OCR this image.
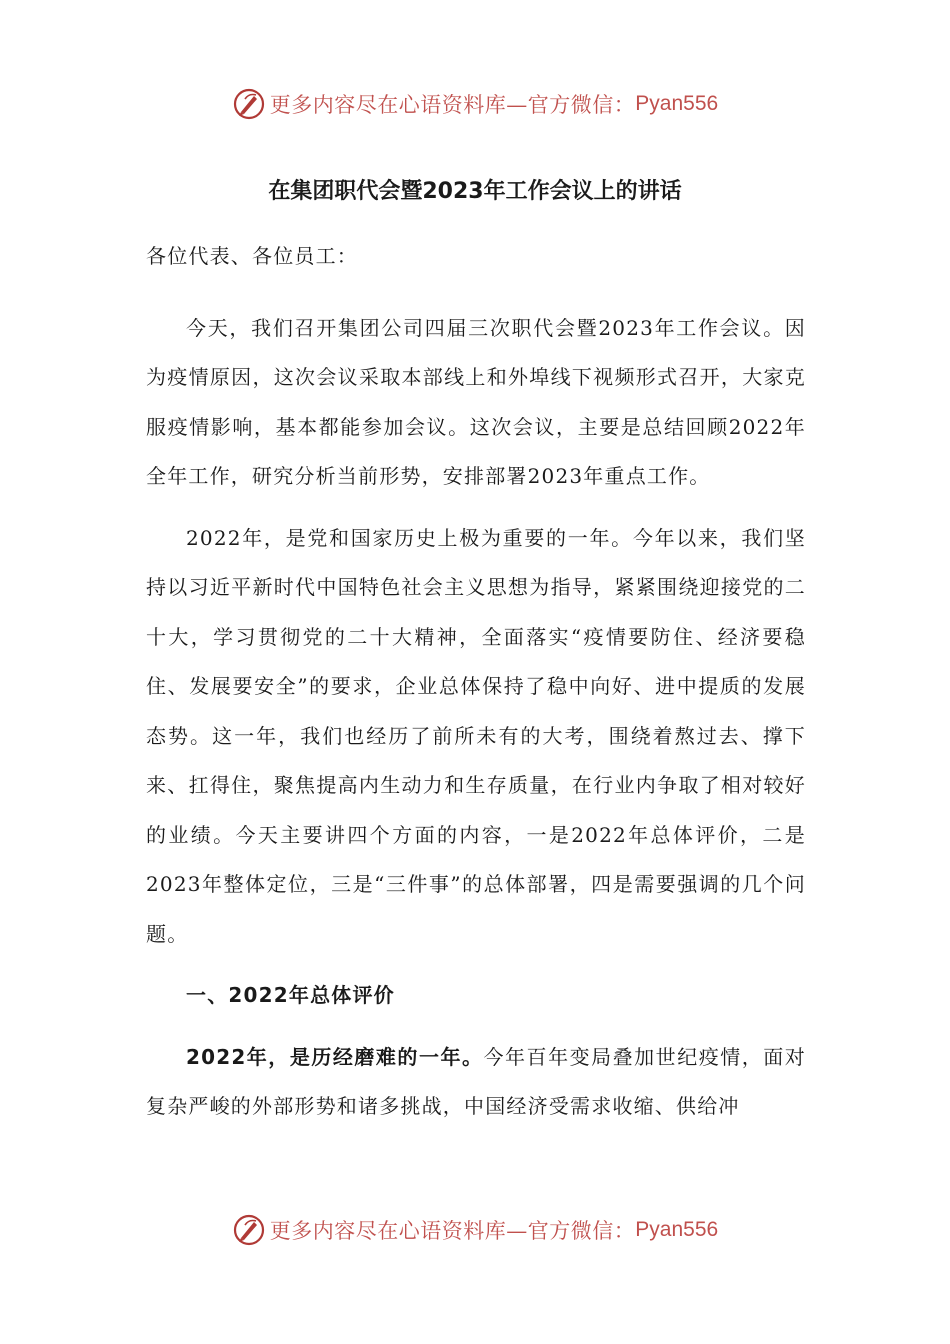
更多内容尽在心语资料库—官方微信： Pyan556
在集团职代会暨2023年工作会议上的讲话

各位代表、各位员工：

今天，我们召开集团公司四届三次职代会暨2023年工作会议。因为疫情原因，这次会议采取本部线上和外埠线下视频形式召开，大家克服疫情影响，基本都能参加会议。这次会议，主要是总结回顾2022年全年工作，研究分析当前形势，安排部署2023年重点工作。

2022年，是党和国家历史上极为重要的一年。今年以来，我们坚持以习近平新时代中国特色社会主义思想为指导，紧紧围绕迎接党的二十大，学习贯彻党的二十大精神，全面落实“疫情要防住、经济要稳住、发展要安全”的要求，企业总体保持了稳中向好、进中提质的发展态势。这一年，我们也经历了前所未有的大考，围绕着熬过去、撑下来、扛得住，聚焦提高内生动力和生存质量，在行业内争取了相对较好的业绩。今天主要讲四个方面的内容，一是2022年总体评价，二是2023年整体定位，三是“三件事”的总体部署，四是需要强调的几个问题。

一、2022年总体评价

2022年，是历经磨难的一年。今年百年变局叠加世纪疫情，面对复杂严峻的外部形势和诸多挑战，中国经济受需求收缩、供给冲

更多内容尽在心语资料库—官方微信： Pyan556
